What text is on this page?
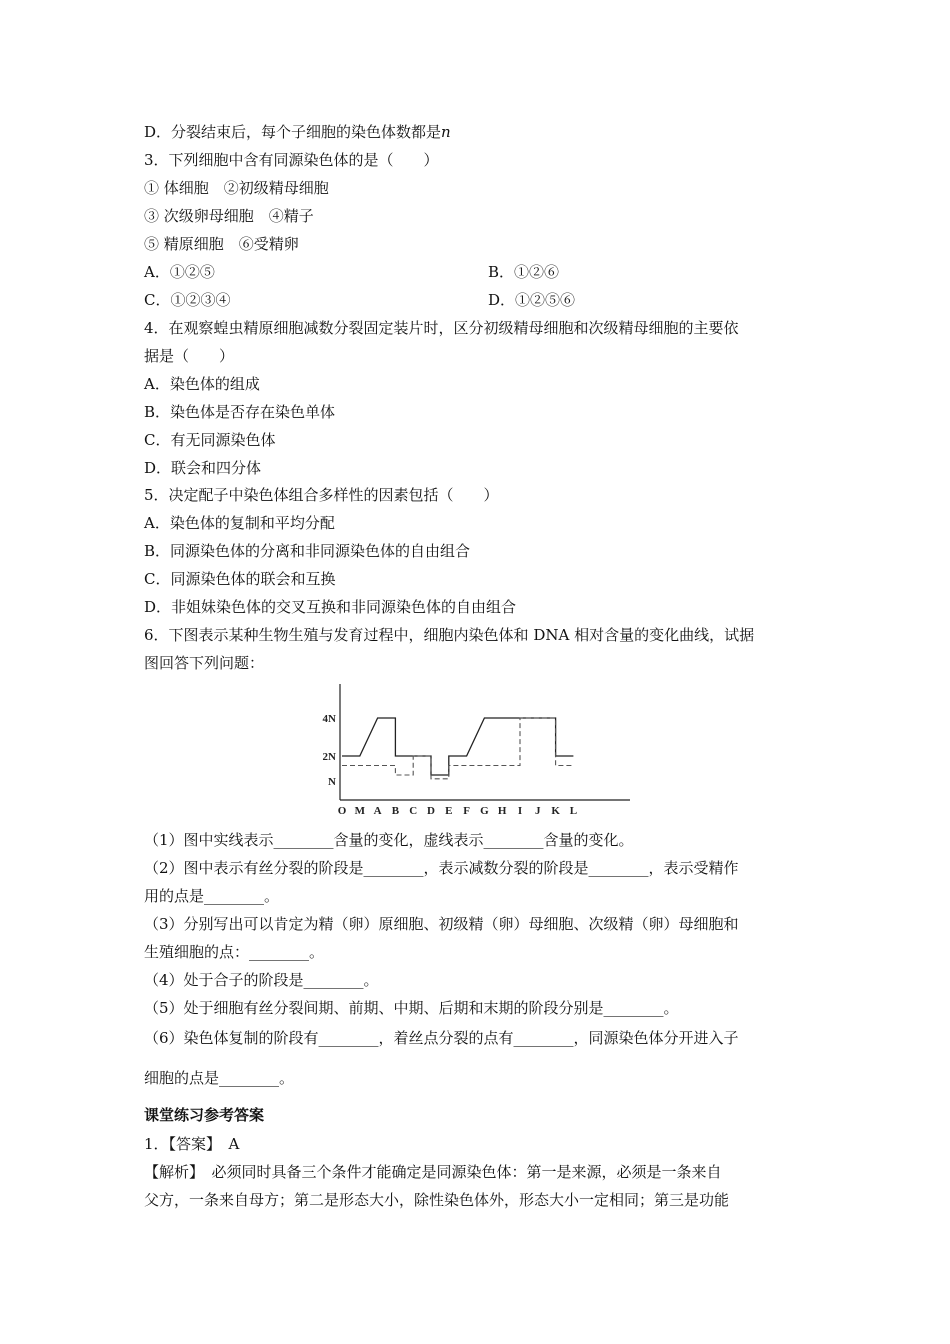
D．分裂结束后，每个子细胞的染色体数都是n
3．下列细胞中含有同源染色体的是（　　）
① 体细胞　②初级精母细胞
③ 次级卵母细胞　④精子
⑤ 精原细胞　⑥受精卵
A．①②⑤	B．①②⑥
C．①②③④	D．①②⑤⑥
4．在观察蝗虫精原细胞减数分裂固定装片时，区分初级精母细胞和次级精母细胞的主要依
据是（　　）
A．染色体的组成
B．染色体是否存在染色单体
C．有无同源染色体
D．联会和四分体
5．决定配子中染色体组合多样性的因素包括（　　）
A．染色体的复制和平均分配
B．同源染色体的分离和非同源染色体的自由组合
C．同源染色体的联会和互换
D．非姐妹染色体的交叉互换和非同源染色体的自由组合
6．下图表示某种生物生殖与发育过程中，细胞内染色体和 DNA 相对含量的变化曲线，试据
图回答下列问题：
O M A B C D E F G H I J K L
4N
2N
N
（1）图中实线表示________含量的变化，虚线表示________含量的变化。
（2）图中表示有丝分裂的阶段是________，表示减数分裂的阶段是________，表示受精作
用的点是________。
（3）分别写出可以肯定为精（卵）原细胞、初级精（卵）母细胞、次级精（卵）母细胞和
生殖细胞的点：________。
（4）处于合子的阶段是________。
（5）处于细胞有丝分裂间期、前期、中期、后期和末期的阶段分别是________。
（6）染色体复制的阶段有________，着丝点分裂的点有________，同源染色体分开进入子
细胞的点是________。
课堂练习参考答案
1．【答案】　A
【解析】　必须同时具备三个条件才能确定是同源染色体：第一是来源，必须是一条来自
父方，一条来自母方；第二是形态大小，除性染色体外，形态大小一定相同；第三是功能
